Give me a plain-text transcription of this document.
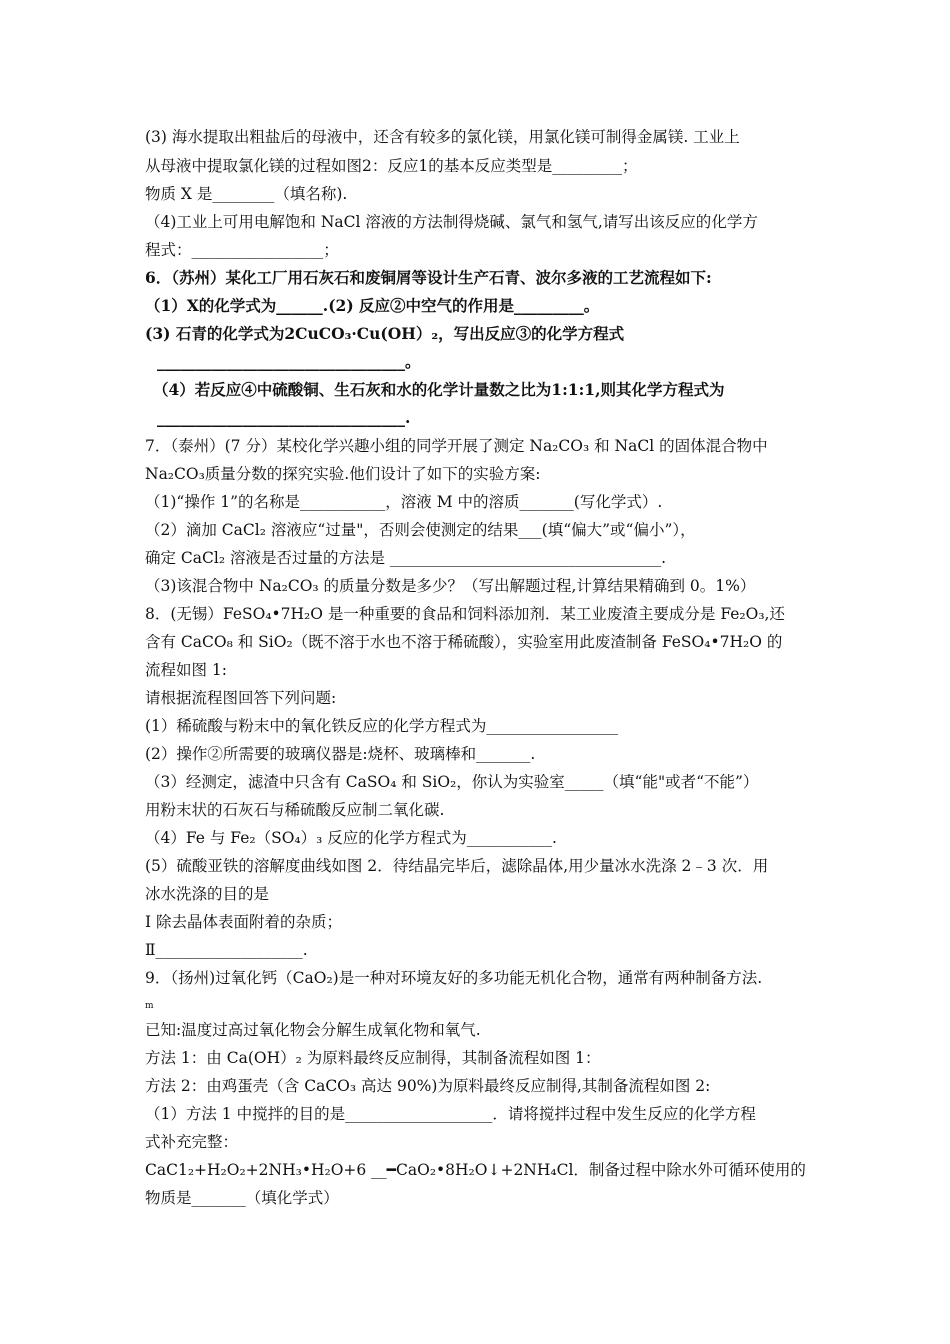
(3) 海水提取出粗盐后的母液中，还含有较多的氯化镁，用氯化镁可制得金属镁. 工业上
从母液中提取氯化镁的过程如图2：反应1的基本反应类型是_________；
物质 X 是________（填名称).
（4)工业上可用电解饱和 NaCl 溶液的方法制得烧碱、氯气和氢气,请写出该反应的化学方
程式：_________________；
6．（苏州）某化工厂用石灰石和废铜屑等设计生产石青、波尔多液的工艺流程如下:
（1）X的化学式为______.(2) 反应②中空气的作用是_________。
(3) 石青的化学式为2CuCO₃·Cu(OH）₂，写出反应③的化学方程式
________________________________。
（4）若反应④中硫酸铜、生石灰和水的化学计量数之比为1:1:1,则其化学方程式为
________________________________.
7．（泰州）(7 分）某校化学兴趣小组的同学开展了测定 Na₂CO₃ 和 NaCl 的固体混合物中
Na₂CO₃质量分数的探究实验.他们设计了如下的实验方案:
（1)“操作 1”的名称是___________，溶液 M 中的溶质_______(写化学式）.
（2）滴加 CaCl₂ 溶液应“过量"，否则会使测定的结果___(填“偏大”或“偏小”），
确定 CaCl₂ 溶液是否过量的方法是 ___________________________________.
（3)该混合物中 Na₂CO₃ 的质量分数是多少？（写出解题过程,计算结果精确到 0。1%）
8．(无锡）FeSO₄•7H₂O 是一种重要的食品和饲料添加剂．某工业废渣主要成分是 Fe₂O₃,还
含有 CaCO₈ 和 SiO₂（既不溶于水也不溶于稀硫酸），实验室用此废渣制备 FeSO₄•7H₂O 的
流程如图 1:
请根据流程图回答下列问题:
(1）稀硫酸与粉末中的氧化铁反应的化学方程式为_________________
(2）操作②所需要的玻璃仪器是:烧杯、玻璃棒和_______.
（3）经测定，滤渣中只含有 CaSO₄ 和 SiO₂，你认为实验室_____（填“能"或者“不能”）
用粉末状的石灰石与稀硫酸反应制二氧化碳.
（4）Fe 与 Fe₂（SO₄）₃ 反应的化学方程式为___________.
(5）硫酸亚铁的溶解度曲线如图 2．待结晶完毕后，滤除晶体,用少量冰水洗涤 2﹣3 次．用
冰水洗涤的目的是
Ⅰ 除去晶体表面附着的杂质；
Ⅱ___________________.
9．（扬州)过氧化钙（CaO₂)是一种对环境友好的多功能无机化合物，通常有两种制备方法.
m
已知:温度过高过氧化物会分解生成氧化物和氧气.
方法 1：由 Ca(OH）₂ 为原料最终反应制得，其制备流程如图 1：
方法 2：由鸡蛋壳（含 CaCO₃ 高达 90%)为原料最终反应制得,其制备流程如图 2:
（1）方法 1 中搅拌的目的是___________________．请将搅拌过程中发生反应的化学方程
式补充完整：
CaC1₂+H₂O₂+2NH₃•H₂O+6 __━CaO₂•8H₂O↓+2NH₄Cl．制备过程中除水外可循环使用的
物质是_______（填化学式）
